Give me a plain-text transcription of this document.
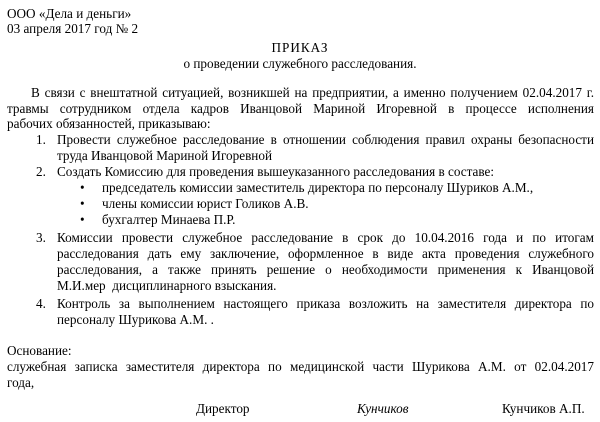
ООО «Дела и деньги»
03 апреля 2017 год № 2
ПРИКАЗ
о проведении служебного расследования.
В связи с внештатной ситуацией, возникшей на предприятии, а именно получением 02.04.2017 г.
травмы сотрудником отдела кадров Иванцовой Мариной Игоревной в процессе исполнения
рабочих обязанностей, приказываю:
1. Провести служебное расследование в отношении соблюдения правил охраны безопасности
труда Иванцовой Мариной Игоревной
2. Создать Комиссию для проведения вышеуказанного расследования в составе:
• председатель комиссии заместитель директора по персоналу Шуриков А.М.,
• члены комиссии юрист Голиков А.В.
• бухгалтер Минаева П.Р.
3. Комиссии провести служебное расследование в срок до 10.04.2016 года и по итогам
расследования дать ему заключение, оформленное в виде акта проведения служебного
расследования, а также принять решение о необходимости применения к Иванцовой
М.И.мер  дисциплинарного взыскания.
4. Контроль за выполнением настоящего приказа возложить на заместителя директора по
персоналу Шурикова А.М. .
Основание:
служебная записка заместителя директора по медицинской части Шурикова А.М. от 02.04.2017
года,
Директор	Кунчиков	Кунчиков А.П.
